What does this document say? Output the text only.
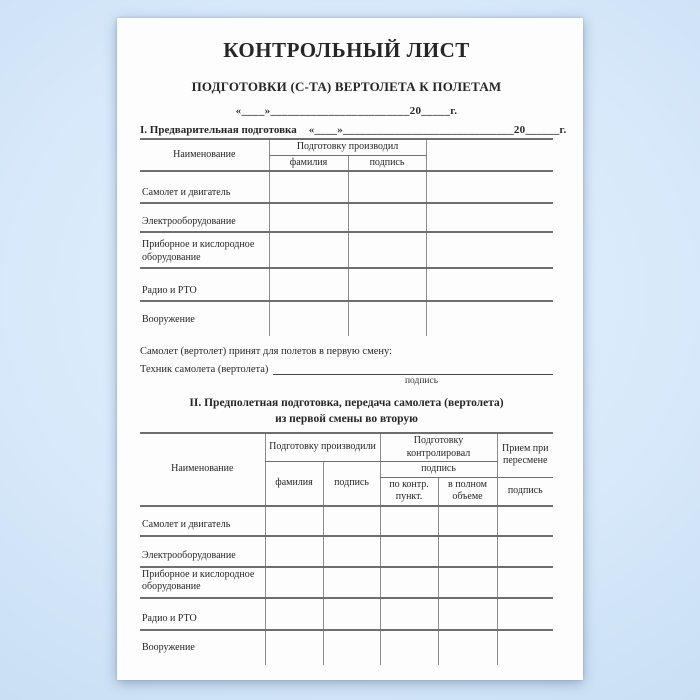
КОНТРОЛЬНЫЙ ЛИСТ
ПОДГОТОВКИ (С-ТА) ВЕРТОЛЕТА К ПОЛЕТАМ
«____»________________________20_____г.
I. Предварительная подготовка «____»______________________________20______г.
Наименование	Подготовку производил		
	фамилия	подпись	
Самолет и двигатель			
Электрооборудование			
Приборное и кислородное оборудование			
Радио и РТО			
Вооружение			
Самолет (вертолет) принят для полетов в первую смену:
Техник самолета (вертолета)
подпись
II. Предполетная подготовка, передача самолета (вертолета)
из первой смены во вторую
Наименование	Подготовку производили		Подготовку контролировал		Прием при пересмене
	фамилия	подпись	подпись		
			по контр. пункт.	в полном объеме	подпись
Самолет и двигатель					
Электрооборудование					
Приборное и кислородное оборудование					
Радио и РТО					
Вооружение					
